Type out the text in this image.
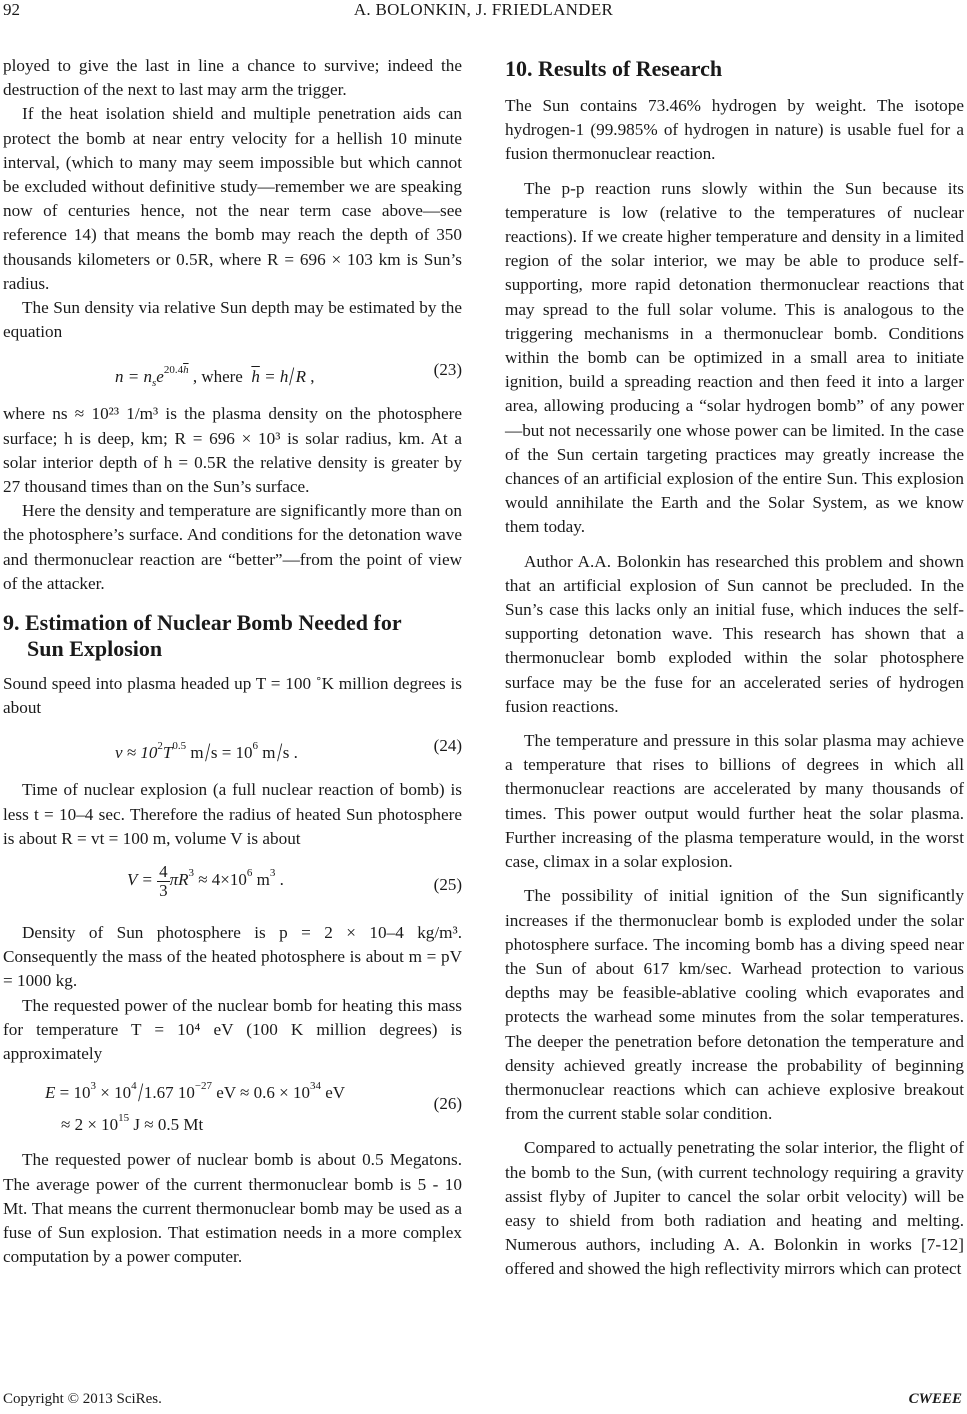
92	A. BOLONKIN, J. FRIEDLANDER

ployed to give the last in line a chance to survive; indeed the destruction of the next to last may arm the trigger.

If the heat isolation shield and multiple penetration aids can protect the bomb at near entry velocity for a hellish 10 minute interval, (which to many may seem impossible but which cannot be excluded without definitive study—remember we are speaking now of centuries hence, not the near term case above—see reference 14) that means the bomb may reach the depth of 350 thousands kilometers or 0.5R, where R = 696 × 103 km is Sun’s radius.

The Sun density via relative Sun depth may be estimated by the equation

$n = n_se^{20.4\overline{h}}$ , where $\overline{h} = h/R$ ,	(23)

where ns ≈ 10²³ 1/m³ is the plasma density on the photosphere surface; h is deep, km; R = 696 × 10³ is solar radius, km. At a solar interior depth of h = 0.5R the relative density is greater by 27 thousand times than on the Sun’s surface.

Here the density and temperature are significantly more than on the photosphere’s surface. And conditions for the detonation wave and thermonuclear reaction are “better”—from the point of view of the attacker.

9. Estimation of Nuclear Bomb Needed for
Sun Explosion

Sound speed into plasma headed up T = 100 ˚K million degrees is about

$v \approx 10^2T^{0.5}$ $m/s = 10^6$ m/s .	(24)

Time of nuclear explosion (a full nuclear reaction of bomb) is less t = 10–4 sec. Therefore the radius of heated Sun photosphere is about R = vt = 100 m, volume V is about

$V = \frac{4}{3} \pi R^3 \approx 4\times 10^6$ $m^3$ .	(25)

Density of Sun photosphere is p = 2 × 10–4 kg/m³. Consequently the mass of the heated photosphere is about m = pV = 1000 kg.

The requested power of the nuclear bomb for heating this mass for temperature T = 10⁴ eV (100 K million degrees) is approximately

$E = 10^3 \times 10^4/1.67$ $10^{-27}$ eV ≈ $0.6 \times 10^{34}$ eV
≈ $2 \times 10^{15}$ J ≈ 0.5 Mt
(26)

The requested power of nuclear bomb is about 0.5 Megatons. The average power of the current thermonuclear bomb is 5 - 10 Mt. That means the current thermonuclear bomb may be used as a fuse of Sun explosion. That estimation needs in a more complex computation by a power computer.

10. Results of Research

The Sun contains 73.46% hydrogen by weight. The isotope hydrogen-1 (99.985% of hydrogen in nature) is usable fuel for a fusion thermonuclear reaction.

The p-p reaction runs slowly within the Sun because its temperature is low (relative to the temperatures of nuclear reactions). If we create higher temperature and density in a limited region of the solar interior, we may be able to produce self-supporting, more rapid detonation thermonuclear reactions that may spread to the full solar volume. This is analogous to the triggering mechanisms in a thermonuclear bomb. Conditions within the bomb can be optimized in a small area to initiate ignition, build a spreading reaction and then feed it into a larger area, allowing producing a “solar hydrogen bomb” of any power—but not necessarily one whose power can be limited. In the case of the Sun certain targeting practices may greatly increase the chances of an artificial explosion of the entire Sun. This explosion would annihilate the Earth and the Solar System, as we know them today.

Author A.A. Bolonkin has researched this problem and shown that an artificial explosion of Sun cannot be precluded. In the Sun’s case this lacks only an initial fuse, which induces the self-supporting detonation wave. This research has shown that a thermonuclear bomb exploded within the solar photosphere surface may be the fuse for an accelerated series of hydrogen fusion reactions.

The temperature and pressure in this solar plasma may achieve a temperature that rises to billions of degrees in which all thermonuclear reactions are accelerated by many thousands of times. This power output would further heat the solar plasma. Further increasing of the plasma temperature would, in the worst case, climax in a solar explosion.

The possibility of initial ignition of the Sun significantly increases if the thermonuclear bomb is exploded under the solar photosphere surface. The incoming bomb has a diving speed near the Sun of about 617 km/sec. Warhead protection to various depths may be feasible-ablative cooling which evaporates and protects the warhead some minutes from the solar temperatures. The deeper the penetration before detonation the temperature and density achieved greatly increase the probability of beginning thermonuclear reactions which can achieve explosive breakout from the current stable solar condition.

Compared to actually penetrating the solar interior, the flight of the bomb to the Sun, (with current technology requiring a gravity assist flyby of Jupiter to cancel the solar orbit velocity) will be easy to shield from both radiation and heating and melting. Numerous authors, including A. A. Bolonkin in works [7-12] offered and showed the high reflectivity mirrors which can protect

Copyright © 2013 SciRes.	CWEEE
